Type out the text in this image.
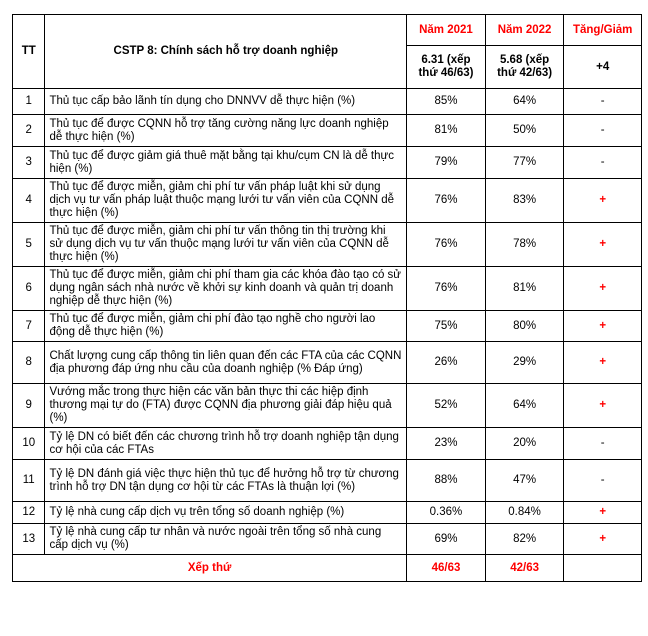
TT	CSTP 8: Chính sách hỗ trợ doanh nghiệp	Năm 2021	Năm 2022	Tăng/Giảm
		6.31 (xếp thứ 46/63)	5.68 (xếp thứ 42/63)	+4
1	Thủ tục cấp bảo lãnh tín dụng cho DNNVV dễ thực hiện (%)	85%	64%	-
2	Thủ tục để được CQNN hỗ trợ tăng cường năng lực doanh nghiệp dễ thực hiện (%)	81%	50%	-
3	Thủ tục để được giảm giá thuê mặt bằng tại khu/cụm CN là dễ thực hiện (%)	79%	77%	-
4	Thủ tục để được miễn, giảm chi phí tư vấn pháp luật khi sử dụng dịch vụ tư vấn pháp luật thuộc mạng lưới tư vấn viên của CQNN dễ thực hiện (%)	76%	83%	+
5	Thủ tục để được miễn, giảm chi phí tư vấn thông tin thị trường khi sử dụng dịch vụ tư vấn thuộc mạng lưới tư vấn viên của CQNN dễ thực hiện (%)	76%	78%	+
6	Thủ tục để được miễn, giảm chi phí tham gia các khóa đào tạo có sử dụng ngân sách nhà nước về khởi sự kinh doanh và quản trị doanh nghiệp dễ thực hiện (%)	76%	81%	+
7	Thủ tục để được miễn, giảm chi phí đào tạo nghề cho người lao động dễ thực hiện (%)	75%	80%	+
8	Chất lượng cung cấp thông tin liên quan đến các FTA của các CQNN địa phương đáp ứng nhu cầu của doanh nghiệp (% Đáp ứng)	26%	29%	+
9	Vướng mắc trong thực hiện các văn bản thực thi các hiệp định thương mại tự do (FTA) được CQNN địa phương giải đáp hiệu quả (%)	52%	64%	+
10	Tỷ lệ DN có biết đến các chương trình hỗ trợ doanh nghiệp tận dụng cơ hội của các FTAs	23%	20%	-
11	Tỷ lệ DN đánh giá việc thực hiện thủ tục để hưởng hỗ trợ từ chương trình hỗ trợ DN tận dụng cơ hội từ các FTAs là thuận lợi (%)	88%	47%	-
12	Tỷ lệ nhà cung cấp dịch vụ trên tổng số doanh nghiệp (%)	0.36%	0.84%	+
13	Tỷ lệ nhà cung cấp tư nhân và nước ngoài trên tổng số nhà cung cấp dịch vụ (%)	69%	82%	+
Xếp thứ		46/63	42/63	
